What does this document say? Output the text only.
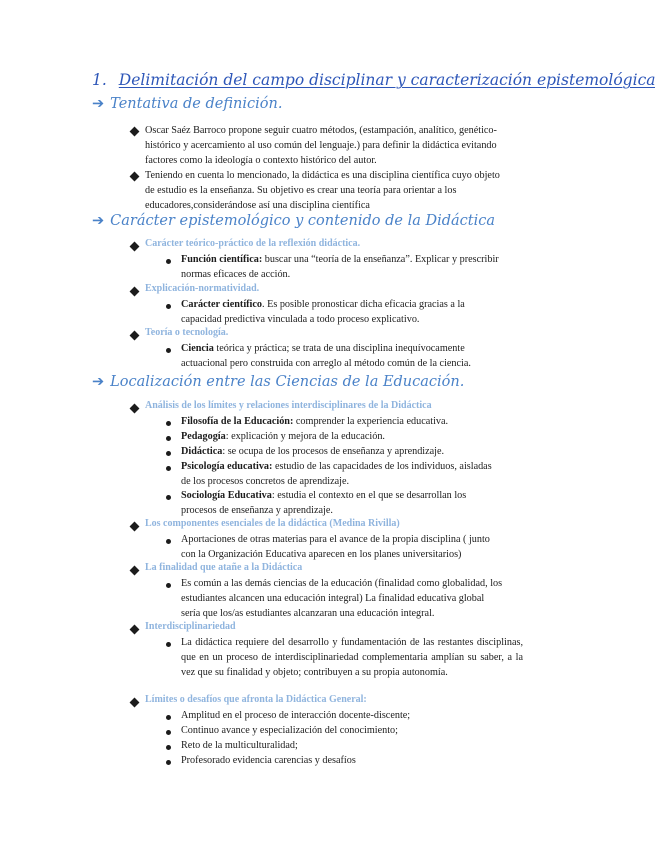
1. Delimitación del campo disciplinar y caracterización epistemológica
➔ Tentativa de definición.

Oscar Saéz Barroco propone seguir cuatro métodos, (estampación, analítico, genético-histórico y acercamiento al uso común del lenguaje.) para definir la didáctica evitando factores como la ideología o contexto histórico del autor.

Teniendo en cuenta lo mencionado, la didáctica es una disciplina científica cuyo objeto de estudio es la enseñanza. Su objetivo es crear una teoría para orientar a los educadores,considerándose así una disciplina científica

➔ Carácter epistemológico y contenido de la Didáctica
Carácter teórico-práctico de la reflexión didáctica.

Función científica: buscar una “teoría de la enseñanza”. Explicar y prescribir normas eficaces de acción.

Explicación-normatividad.

Carácter científico. Es posible pronosticar dicha eficacia gracias a la capacidad predictiva vinculada a todo proceso explicativo.

Teoría o tecnología.

Ciencia teórica y práctica; se trata de una disciplina inequívocamente actuacional pero construida con arreglo al método común de la ciencia.

➔ Localización entre las Ciencias de la Educación.
Análisis de los límites y relaciones interdisciplinares de la Didáctica

Filosofía de la Educación: comprender la experiencia educativa.

Pedagogía: explicación y mejora de la educación.

Didáctica: se ocupa de los procesos de enseñanza y aprendizaje.

Psicología educativa: estudio de las capacidades de los individuos, aisladas de los procesos concretos de aprendizaje.

Sociología Educativa: estudia el contexto en el que se desarrollan los procesos de enseñanza y aprendizaje.

Los componentes esenciales de la didáctica (Medina Rivilla)

Aportaciones de otras materias para el avance de la propia disciplina ( junto con la Organización Educativa aparecen en los planes universitarios)

La finalidad que atañe a la Didáctica

Es común a las demás ciencias de la educación (finalidad como globalidad, los estudiantes alcancen una educación integral) La finalidad educativa global sería que los/as estudiantes alcanzaran una educación integral.

Interdisciplinariedad

La didáctica requiere del desarrollo y fundamentación de las restantes disciplinas, que en un proceso de interdisciplinariedad complementaria amplían su saber, a la vez que su finalidad y objeto; contribuyen a su propia autonomía.

Límites o desafíos que afronta la Didáctica General:

Amplitud en el proceso de interacción docente-discente;

Continuo avance y especialización del conocimiento;

Reto de la multiculturalidad;

Profesorado evidencia carencias y desafíos
